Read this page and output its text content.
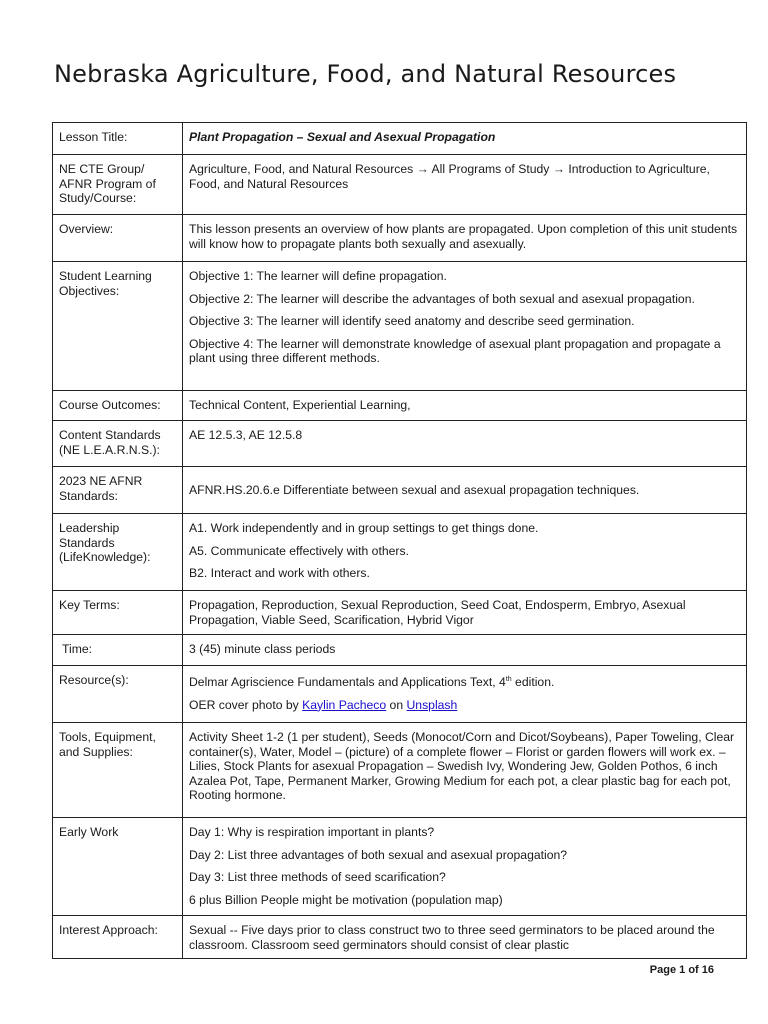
Nebraska Agriculture, Food, and Natural Resources
Lesson Title:	Plant Propagation – Sexual and Asexual Propagation
NE CTE Group/ AFNR Program of Study/Course:	Agriculture, Food, and Natural Resources → All Programs of Study → Introduction to Agriculture, Food, and Natural Resources
Overview:	This lesson presents an overview of how plants are propagated. Upon completion of this unit students will know how to propagate plants both sexually and asexually.
Student Learning Objectives:	Objective 1: The learner will define propagation.

Objective 2: The learner will describe the advantages of both sexual and asexual propagation.

Objective 3: The learner will identify seed anatomy and describe seed germination.

Objective 4: The learner will demonstrate knowledge of asexual plant propagation and propagate a plant using three different methods.

Course Outcomes:	Technical Content, Experiential Learning,
Content Standards (NE L.E.A.R.N.S.):	AE 12.5.3, AE 12.5.8
2023 NE AFNR Standards:	AFNR.HS.20.6.e Differentiate between sexual and asexual propagation techniques.
Leadership Standards (LifeKnowledge):	A1. Work independently and in group settings to get things done.

A5. Communicate effectively with others.

B2. Interact and work with others.

Key Terms:	Propagation, Reproduction, Sexual Reproduction, Seed Coat, Endosperm, Embryo, Asexual Propagation, Viable Seed, Scarification, Hybrid Vigor
Time:	3 (45) minute class periods
Resource(s):	Delmar Agriscience Fundamentals and Applications Text, 4th edition.

OER cover photo by Kaylin Pacheco on Unsplash

Tools, Equipment, and Supplies:	Activity Sheet 1-2 (1 per student), Seeds (Monocot/Corn and Dicot/Soybeans), Paper Toweling, Clear container(s), Water, Model – (picture) of a complete flower – Florist or garden flowers will work ex. – Lilies, Stock Plants for asexual Propagation – Swedish Ivy, Wondering Jew, Golden Pothos, 6 inch Azalea Pot, Tape, Permanent Marker, Growing Medium for each pot, a clear plastic bag for each pot, Rooting hormone.
Early Work	Day 1: Why is respiration important in plants?

Day 2: List three advantages of both sexual and asexual propagation?

Day 3: List three methods of seed scarification?

6 plus Billion People might be motivation (population map)

Interest Approach:	Sexual -- Five days prior to class construct two to three seed germinators to be placed around the classroom. Classroom seed germinators should consist of clear plastic
Page 1 of 16
